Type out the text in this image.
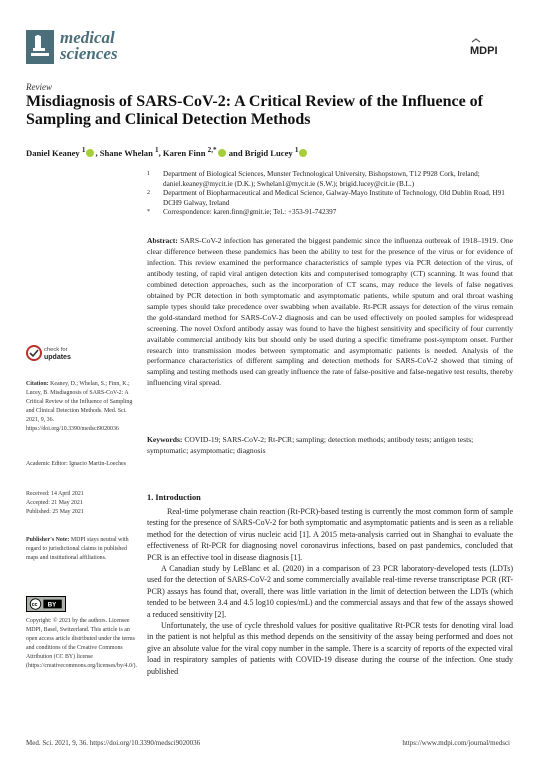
medical
sciences	MDPI
Review
Misdiagnosis of SARS-CoV-2: A Critical Review of the Influence of Sampling and Clinical Detection Methods
Daniel Keaney $^1$ , Shane Whelan $^1$, Karen Finn $^{2,*}$ and Brigid Lucey $^1$
1 Department of Biological Sciences, Munster Technological University, Bishopstown, T12 P928 Cork, Ireland; daniel.keaney@mycit.ie (D.K.); Swhelan1@mycit.ie (S.W.); brigid.lucey@cit.ie (B.L.)
2 Department of Biopharmaceutical and Medical Science, Galway-Mayo Institute of Technology, Old Dublin Road, H91 DCH9 Galway, Ireland
* Correspondence: karen.finn@gmit.ie; Tel.: +353-91-742397
Abstract: SARS-CoV-2 infection has generated the biggest pandemic since the influenza outbreak of 1918–1919. One clear difference between these pandemics has been the ability to test for the presence of the virus or for evidence of infection. This review examined the performance characteristics of sample types via PCR detection of the virus, of antibody testing, of rapid viral antigen detection kits and computerised tomography (CT) scanning. It was found that combined detection approaches, such as the incorporation of CT scans, may reduce the levels of false negatives obtained by PCR detection in both symptomatic and asymptomatic patients, while sputum and oral throat washing sample types should take precedence over swabbing when available. Rt-PCR assays for detection of the virus remain the gold-standard method for SARS-CoV-2 diagnosis and can be used effectively on pooled samples for widespread screening. The novel Oxford antibody assay was found to have the highest sensitivity and specificity of four currently available commercial antibody kits but should only be used during a specific timeframe post-symptom onset. Further research into transmission modes between symptomatic and asymptomatic patients is needed. Analysis of the performance characteristics of different sampling and detection methods for SARS-CoV-2 showed that timing of sampling and testing methods used can greatly influence the rate of false-positive and false-negative test results, thereby influencing viral spread.
Keywords: COVID-19; SARS-CoV-2; Rt-PCR; sampling; detection methods; antibody tests; antigen tests; symptomatic; asymptomatic; diagnosis
check for
updates
Citation: Keaney, D.; Whelan, S.; Finn, K.; Lucey, B. Misdiagnosis of SARS-CoV-2: A Critical Review of the Influence of Sampling and Clinical Detection Methods. Med. Sci. 2021, 9, 36. https://doi.org/10.3390/medsci9020036
Academic Editor: Ignacio Martin-Loeches
Received: 14 April 2021
Accepted: 21 May 2021
Published: 25 May 2021
Publisher's Note: MDPI stays neutral with regard to jurisdictional claims in published maps and institutional affiliations.
cc BY
Copyright: © 2021 by the authors. Licensee MDPI, Basel, Switzerland. This article is an open access article distributed under the terms and conditions of the Creative Commons Attribution (CC BY) license (https://creativecommons.org/licenses/by/4.0/).
1. Introduction

Real-time polymerase chain reaction (Rt-PCR)-based testing is currently the most common form of sample testing for the presence of SARS-CoV-2 for both symptomatic and asymptomatic patients and is seen as a reliable method for the detection of virus nucleic acid [1]. A 2015 meta-analysis carried out in Shanghai to evaluate the effectiveness of Rt-PCR for diagnosing novel coronavirus infections, based on past pandemics, concluded that PCR is an effective tool in disease diagnosis [1].

A Canadian study by LeBlanc et al. (2020) in a comparison of 23 PCR laboratory-developed tests (LDTs) used for the detection of SARS-CoV-2 and some commercially available real-time reverse transcriptase PCR (RT-PCR) assays has found that, overall, there was little variation in the limit of detection between the LDTs (which tended to be between 3.4 and 4.5 log10 copies/mL) and the commercial assays and that few of the assays showed a reduced sensitivity [2].

Unfortunately, the use of cycle threshold values for positive qualitative Rt-PCR tests for denoting viral load in the patient is not helpful as this method depends on the sensitivity of the assay being performed and does not give an absolute value for the viral copy number in the sample. There is a scarcity of reports of the expected viral load in respiratory samples of patients with COVID-19 disease during the course of the infection. One study published

Med. Sci. 2021, 9, 36. https://doi.org/10.3390/medsci9020036	https://www.mdpi.com/journal/medsci
